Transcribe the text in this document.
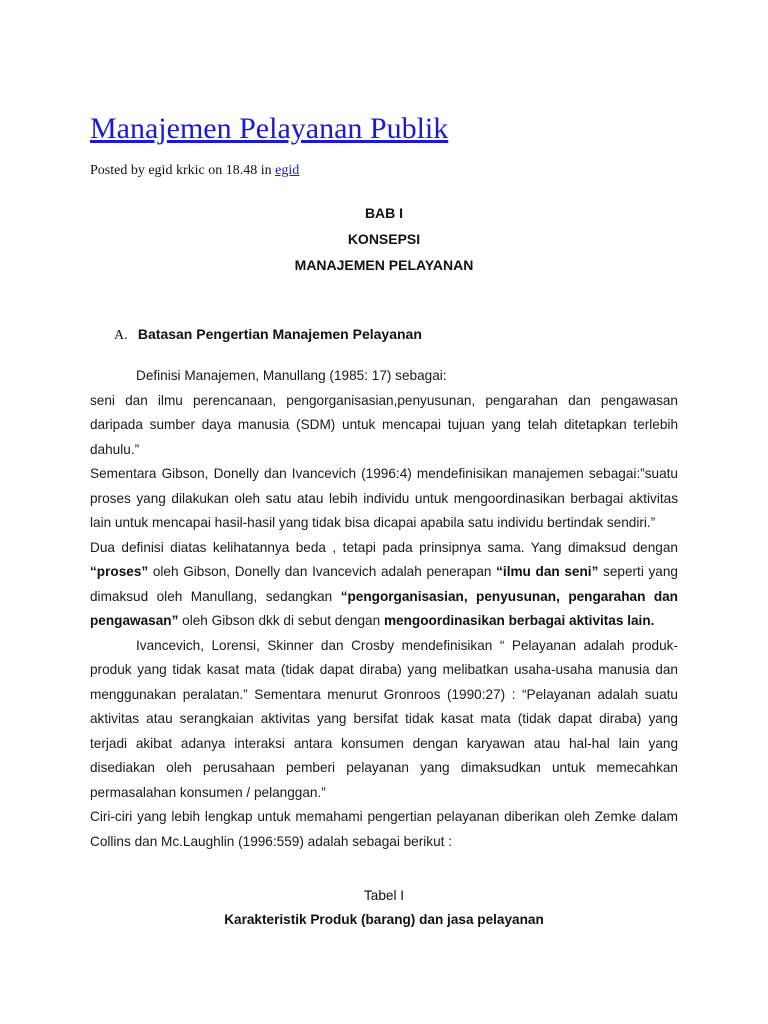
Manajemen Pelayanan Publik
Posted by egid krkic on 18.48 in egid
BAB I
KONSEPSI
MANAJEMEN PELAYANAN
A. Batasan Pengertian Manajemen Pelayanan

Definisi Manajemen, Manullang (1985: 17) sebagai:

seni dan ilmu perencanaan, pengorganisasian,penyusunan, pengarahan dan pengawasan daripada sumber daya manusia (SDM) untuk mencapai tujuan yang telah ditetapkan terlebih dahulu.”

Sementara Gibson, Donelly dan Ivancevich (1996:4) mendefinisikan manajemen sebagai:”suatu proses yang dilakukan oleh satu atau lebih individu untuk mengoordinasikan berbagai aktivitas lain untuk mencapai hasil-hasil yang tidak bisa dicapai apabila satu individu bertindak sendiri.”

Dua definisi diatas kelihatannya beda , tetapi pada prinsipnya sama. Yang dimaksud dengan “proses” oleh Gibson, Donelly dan Ivancevich adalah penerapan “ilmu dan seni” seperti yang dimaksud oleh Manullang, sedangkan “pengorganisasian, penyusunan, pengarahan dan pengawasan” oleh Gibson dkk di sebut dengan mengoordinasikan berbagai aktivitas lain.

Ivancevich, Lorensi, Skinner dan Crosby mendefinisikan “ Pelayanan adalah produk-produk yang tidak kasat mata (tidak dapat diraba) yang melibatkan usaha-usaha manusia dan menggunakan peralatan.” Sementara menurut Gronroos (1990:27) : “Pelayanan adalah suatu aktivitas atau serangkaian aktivitas yang bersifat tidak kasat mata (tidak dapat diraba) yang terjadi akibat adanya interaksi antara konsumen dengan karyawan atau hal-hal lain yang disediakan oleh perusahaan pemberi pelayanan yang dimaksudkan untuk memecahkan permasalahan konsumen / pelanggan.”

Ciri-ciri yang lebih lengkap untuk memahami pengertian pelayanan diberikan oleh Zemke dalam Collins dan Mc.Laughlin (1996:559) adalah sebagai berikut :

Tabel I
Karakteristik Produk (barang) dan jasa pelayanan
